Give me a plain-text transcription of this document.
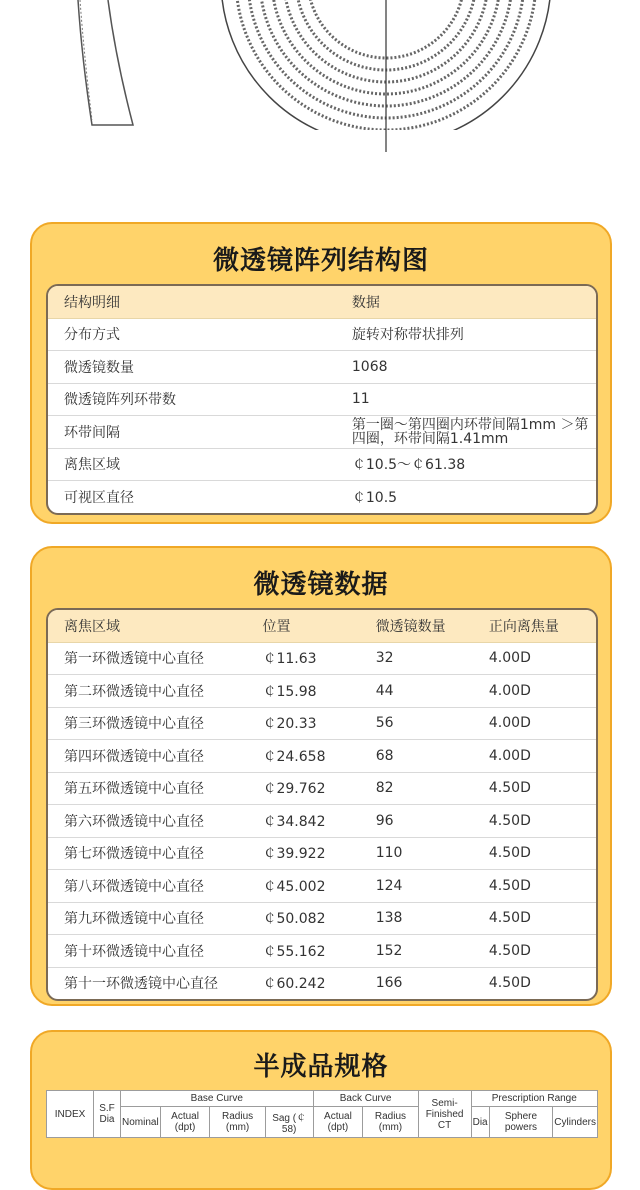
微透镜阵列结构图
结构明细	数据
分布方式	旋转对称带状排列
微透镜数量	1068
微透镜阵列环带数	11
环带间隔	第一圈～第四圈内环带间隔1mm ＞第四圈，环带间隔1.41mm
离焦区域	￠10.5～￠61.38
可视区直径	￠10.5
微透镜数据
离焦区域	位置	微透镜数量	正向离焦量
第一环微透镜中心直径	￠11.63	32	4.00D
第二环微透镜中心直径	￠15.98	44	4.00D
第三环微透镜中心直径	￠20.33	56	4.00D
第四环微透镜中心直径	￠24.658	68	4.00D
第五环微透镜中心直径	￠29.762	82	4.50D
第六环微透镜中心直径	￠34.842	96	4.50D
第七环微透镜中心直径	￠39.922	110	4.50D
第八环微透镜中心直径	￠45.002	124	4.50D
第九环微透镜中心直径	￠50.082	138	4.50D
第十环微透镜中心直径	￠55.162	152	4.50D
第十一环微透镜中心直径	￠60.242	166	4.50D
半成品规格
INDEX	S.F Dia	Base Curve				Back Curve		Semi-Finished CT	Prescription Range		
		Nominal	Actual (dpt)	Radius (mm)	Sag (￠ 58)	Actual (dpt)	Radius (mm)		Dia	Sphere powers	Cylinders
